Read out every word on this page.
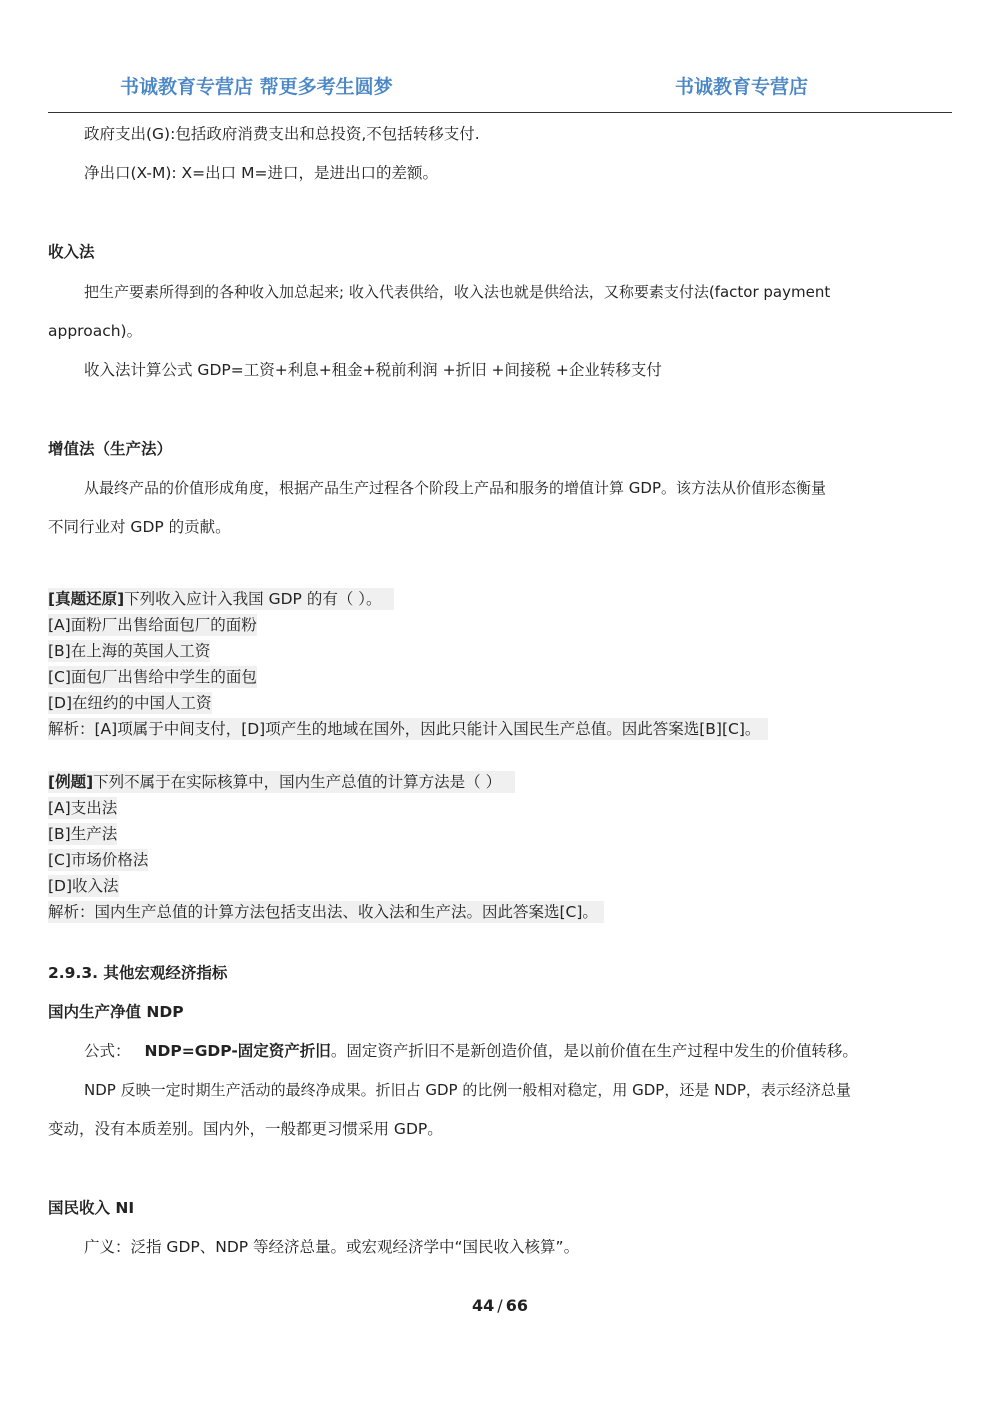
书诚教育专营店 帮更多考生圆梦	书诚教育专营店
政府支出(G):包括政府消费支出和总投资,不包括转移支付.
净出口(X-M): X=出口 M=进口，是进出口的差额。
收入法
把生产要素所得到的各种收入加总起来; 收入代表供给，收入法也就是供给法，又称要素支付法(factor payment
approach)。
收入法计算公式 GDP=工资+利息+租金+税前利润 +折旧 +间接税 +企业转移支付
增值法（生产法）
从最终产品的价值形成角度，根据产品生产过程各个阶段上产品和服务的增值计算 GDP。该方法从价值形态衡量
不同行业对 GDP 的贡献。
[真题还原]下列收入应计入我国 GDP 的有（ ）。
[A]面粉厂出售给面包厂的面粉
[B]在上海的英国人工资
[C]面包厂出售给中学生的面包
[D]在纽约的中国人工资
解析：[A]项属于中间支付，[D]项产生的地域在国外，因此只能计入国民生产总值。因此答案选[B][C]。
[例题]下列不属于在实际核算中，国内生产总值的计算方法是（ ）
[A]支出法
[B]生产法
[C]市场价格法
[D]收入法
解析：国内生产总值的计算方法包括支出法、收入法和生产法。因此答案选[C]。
2.9.3. 其他宏观经济指标
国内生产净值 NDP
公式： NDP=GDP-固定资产折旧。固定资产折旧不是新创造价值，是以前价值在生产过程中发生的价值转移。
NDP 反映一定时期生产活动的最终净成果。折旧占 GDP 的比例一般相对稳定，用 GDP，还是 NDP，表示经济总量
变动，没有本质差别。国内外，一般都更习惯采用 GDP。
国民收入 NI
广义：泛指 GDP、NDP 等经济总量。或宏观经济学中“国民收入核算”。
44 / 66
